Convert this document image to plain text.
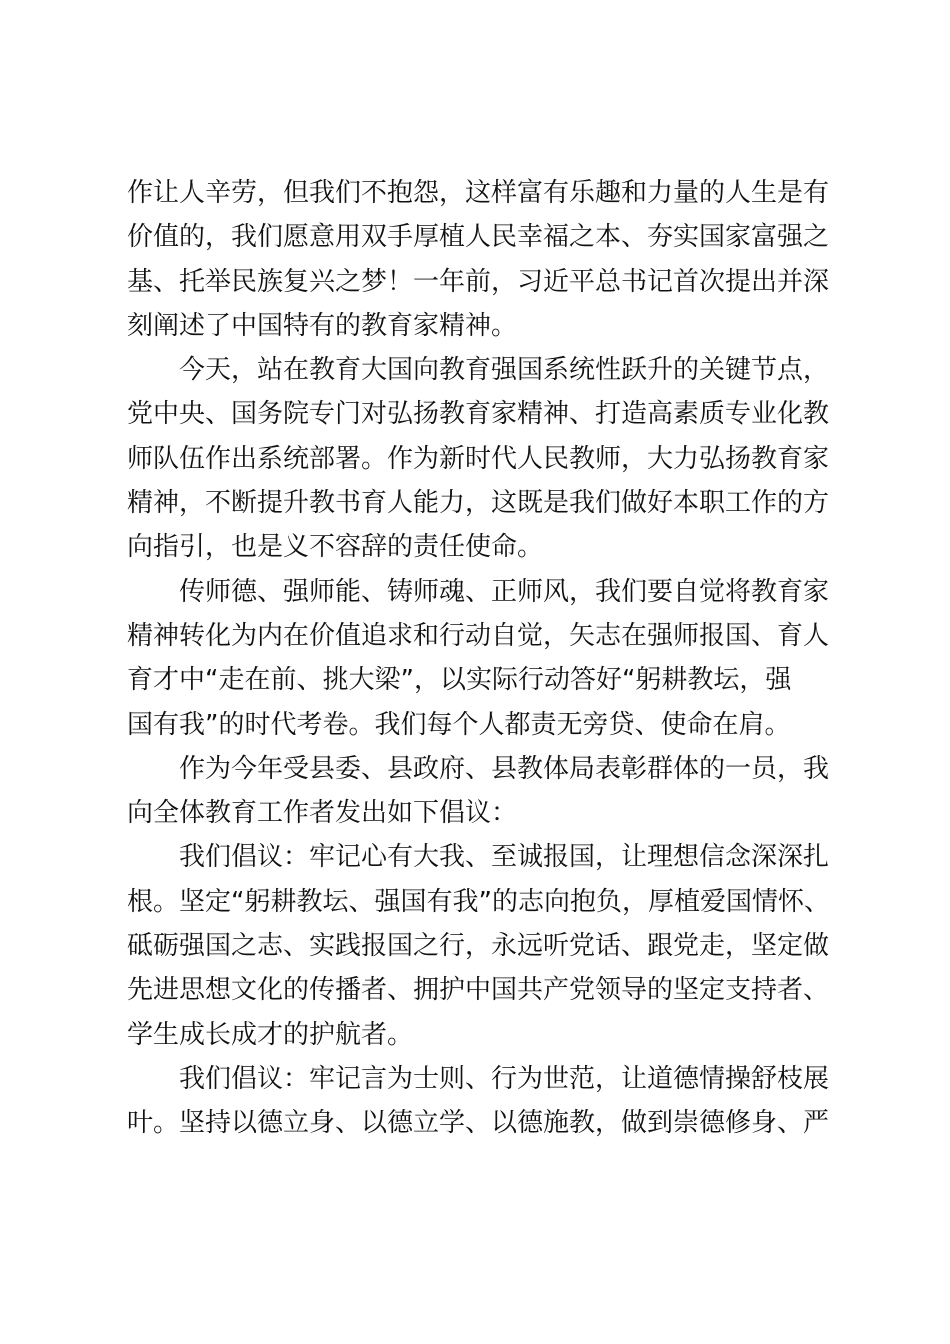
作让人辛劳，但我们不抱怨，这样富有乐趣和力量的人生是有
价值的，我们愿意用双手厚植人民幸福之本、夯实国家富强之
基、托举民族复兴之梦！一年前，习近平总书记首次提出并深
刻阐述了中国特有的教育家精神。
　　今天，站在教育大国向教育强国系统性跃升的关键节点，
党中央、国务院专门对弘扬教育家精神、打造高素质专业化教
师队伍作出系统部署。作为新时代人民教师，大力弘扬教育家
精神，不断提升教书育人能力，这既是我们做好本职工作的方
向指引，也是义不容辞的责任使命。
　　传师德、强师能、铸师魂、正师风，我们要自觉将教育家
精神转化为内在价值追求和行动自觉，矢志在强师报国、育人
育才中“走在前、挑大梁”，以实际行动答好“躬耕教坛，强
国有我”的时代考卷。我们每个人都责无旁贷、使命在肩。
　　作为今年受县委、县政府、县教体局表彰群体的一员，我
向全体教育工作者发出如下倡议：
　　我们倡议：牢记心有大我、至诚报国，让理想信念深深扎
根。坚定“躬耕教坛、强国有我”的志向抱负，厚植爱国情怀、
砥砺强国之志、实践报国之行，永远听党话、跟党走，坚定做
先进思想文化的传播者、拥护中国共产党领导的坚定支持者、
学生成长成才的护航者。
　　我们倡议：牢记言为士则、行为世范，让道德情操舒枝展
叶。坚持以德立身、以德立学、以德施教，做到崇德修身、严
